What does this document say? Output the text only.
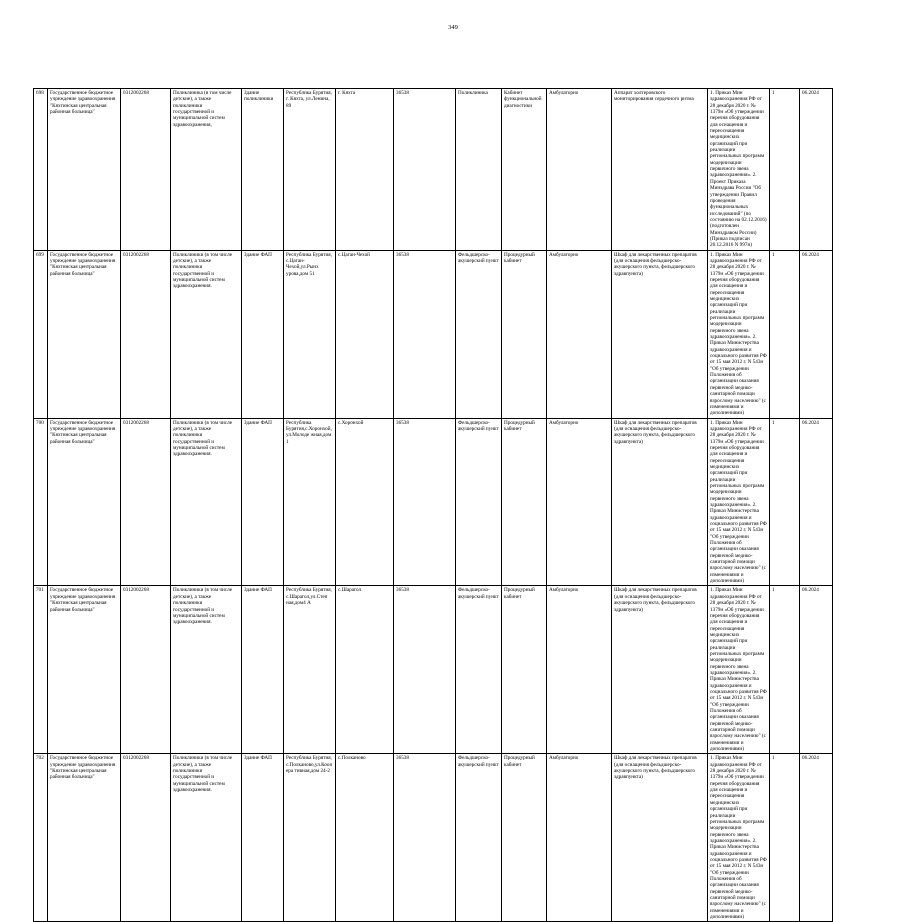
349
698	Государственное бюджетное учреждение здравоохранения "Кяхтинская центральная районная больница"	0312002268	Поликлиника (в том числе детские), а также поликлиники государственной и муниципальной систем здравоохранения,	Здание поликлиники	Республика Бурятия, г. Кяхта, ул.Ленина, 89	г. Кяхта	36538	Поликлиника	Кабинет функциональной диагностики	Амбулаторно	Аппарат холтеровского мониторирования сердечного ритма	1. Приказ Мин здравоохранения РФ от 28 декабря 2020 г. № 1379н «Об утверждении перечня оборудования для оснащения и переоснащения медицинских организаций при реализации региональных программ модернизации первичного звена здравоохранения». 2. Проект Приказа Минздрава России "Об утверждении Правил проведения функциональных исследований" (по состоянию на 02.12.2016) (подготовлен Минздравом России) (Приказ подписан 26.12.2016 N 997н)	1	06.2024
699	Государственное бюджетное учреждение здравоохранения "Кяхтинская центральная районная больница"	0312002268	Поликлиники (в том числе детские), а также поликлиники государственной и муниципальной систем здравоохранения.	Здание ФАП	Республика Бурятия, с.Цаган-Чехой,ул.Рынх урова,дом 51	с.Цаган-Чехой	36538	Фельдшерско-акушерский пункт	Процедурный кабинет	Амбулаторно	Шкаф для лекарственных препаратов (для оснащения фельдшерско-акушерского пункта, фельдшерского здравпункта)	1. Приказ Мин здравоохранения РФ от 28 декабря 2020 г. № 1379н «Об утверждении перечня оборудования для оснащения и переоснащения медицинских организаций при реализации региональных программ модернизации первичного звена здравоохранения». 2. Приказ Министерства здравоохранения и социального развития РФ от 15 мая 2012 г. N 543н "Об утверждении Положения об организации оказания первичной медико-санитарной помощи взрослому населению" (с изменениями и дополнениями)	1	06.2024
700	Государственное бюджетное учреждение здравоохранения "Кяхтинская центральная районная больница"	0312002268	Поликлиники (в том числе детские), а также поликлиники государственной и муниципальной систем здравоохранения.	Здание ФАП	Республика Бурятия,с.Хоронхой,ул.Молоде жная,дом 1	с.Хоронхой	36538	Фельдшерско-акушерский пункт	Процедурный кабинет	Амбулаторно	Шкаф для лекарственных препаратов (для оснащения фельдшерско-акушерского пункта, фельдшерского здравпункта)	1. Приказ Мин здравоохранения РФ от 28 декабря 2020 г. № 1379н «Об утверждении перечня оборудования для оснащения и переоснащения медицинских организаций при реализации региональных программ модернизации первичного звена здравоохранения». 2. Приказ Министерства здравоохранения и социального развития РФ от 15 мая 2012 г. N 543н "Об утверждении Положения об организации оказания первичной медико-санитарной помощи взрослому населению" (с изменениями и дополнениями)	1	06.2024
701	Государственное бюджетное учреждение здравоохранения "Кяхтинская центральная районная больница"	0312002268	Поликлиники (в том числе детские), а также поликлиники государственной и муниципальной систем здравоохранения.	Здание ФАП	Республика Бурятия, с.Шарагол,ул.Степ ная,дом4 А	с.Шарагол	36538	Фельдшерско-акушерский пункт	Процедурный кабинет	Амбулаторно	Шкаф для лекарственных препаратов (для оснащения фельдшерско-акушерского пункта, фельдшерского здравпункта)	1. Приказ Мин здравоохранения РФ от 28 декабря 2020 г. № 1379н «Об утверждении перечня оборудования для оснащения и переоснащения медицинских организаций при реализации региональных программ модернизации первичного звена здравоохранения». 2. Приказ Министерства здравоохранения и социального развития РФ от 15 мая 2012 г. N 543н "Об утверждении Положения об организации оказания первичной медико-санитарной помощи взрослому населению" (с изменениями и дополнениями)	1	06.2024
702	Государственное бюджетное учреждение здравоохранения "Кяхтинская центральная районная больница"	0312002268	Поликлиники (в том числе детские), а также поликлиники государственной и муниципальной систем здравоохранения.	Здание ФАП	Республика Бурятия, с.Полканово,ул.Коопера тивная,дом 24-2	с.Полканово	36538	Фельдшерско-акушерский пункт	Процедурный кабинет	Амбулаторно	Шкаф для лекарственных препаратов (для оснащения фельдшерско-акушерского пункта, фельдшерского здравпункта)	1. Приказ Мин здравоохранения РФ от 28 декабря 2020 г. № 1379н «Об утверждении перечня оборудования для оснащения и переоснащения медицинских организаций при реализации региональных программ модернизации первичного звена здравоохранения». 2. Приказ Министерства здравоохранения и социального развития РФ от 15 мая 2012 г. N 543н "Об утверждении Положения об организации оказания первичной медико-санитарной помощи взрослому населению" (с изменениями и дополнениями)	1	06.2024
